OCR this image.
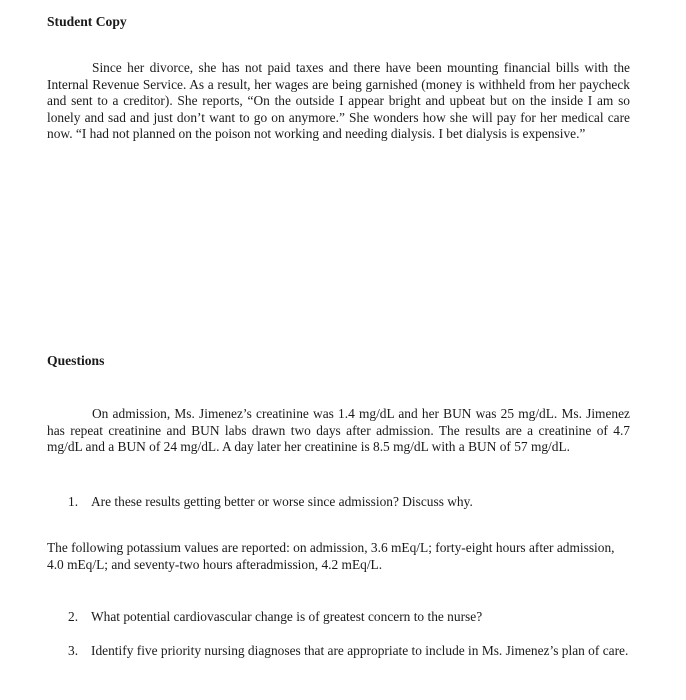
Student Copy

Since her divorce, she has not paid taxes and there have been mounting financial bills with the Internal Revenue Service. As a result, her wages are being garnished (money is withheld from her paycheck and sent to a creditor). She reports, “On the outside I appear bright and upbeat but on the inside I am so lonely and sad and just don’t want to go on anymore.” She wonders how she will pay for her medical care now. “I had not planned on the poison not working and needing dialysis. I bet dialysis is expensive.”

Questions

On admission, Ms. Jimenez’s creatinine was 1.4 mg/dL and her BUN was 25 mg/dL. Ms. Jimenez has repeat creatinine and BUN labs drawn two days after admission. The results are a creatinine of 4.7 mg/dL and a BUN of 24 mg/dL. A day later her creatinine is 8.5 mg/dL with a BUN of 57 mg/dL.

1. Are these results getting better or worse since admission? Discuss why.

The following potassium values are reported: on admission, 3.6 mEq/L; forty-eight hours after admission, 4.0 mEq/L; and seventy-two hours afteradmission, 4.2 mEq/L.

2. What potential cardiovascular change is of greatest concern to the nurse?
3. Identify five priority nursing diagnoses that are appropriate to include in Ms. Jimenez’s plan of care.
